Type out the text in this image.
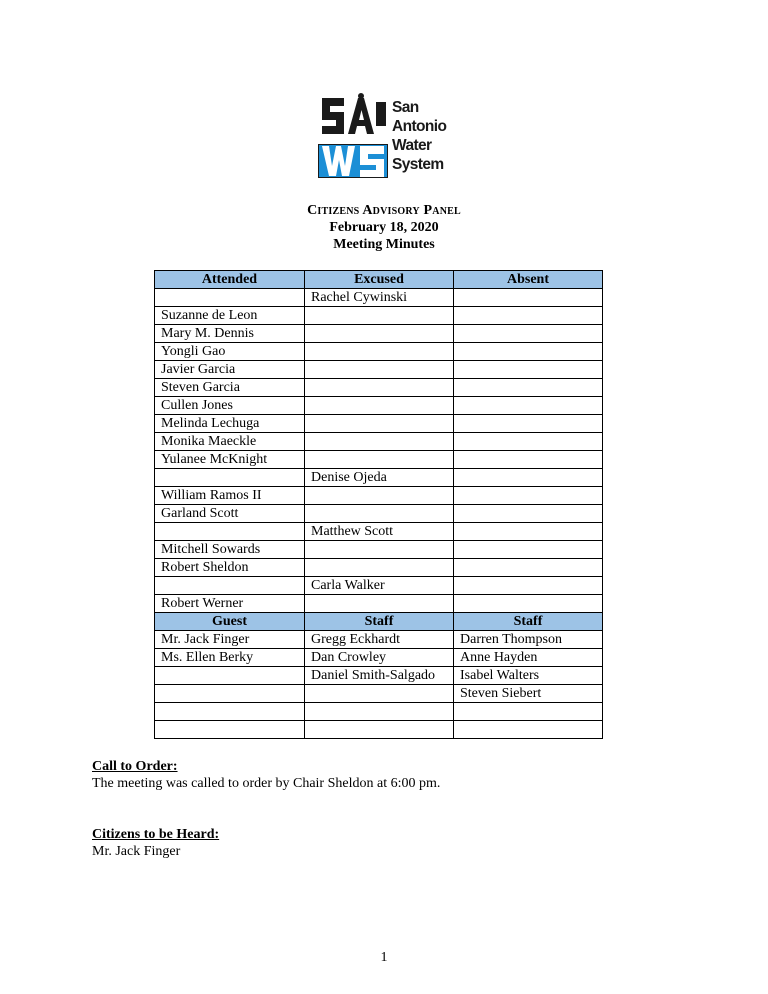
San
Antonio
Water
System
Citizens Advisory Panel
February 18, 2020
Meeting Minutes
Attended	Excused	Absent
	Rachel Cywinski	
Suzanne de Leon		
Mary M. Dennis		
Yongli Gao		
Javier Garcia		
Steven Garcia		
Cullen Jones		
Melinda Lechuga		
Monika Maeckle		
Yulanee McKnight		
	Denise Ojeda	
William Ramos II		
Garland Scott		
	Matthew Scott	
Mitchell Sowards		
Robert Sheldon		
	Carla Walker	
Robert Werner		
Guest	Staff	Staff
Mr. Jack Finger	Gregg Eckhardt	Darren Thompson
Ms. Ellen Berky	Dan Crowley	Anne Hayden
	Daniel Smith-Salgado	Isabel Walters
		Steven Siebert

Call to Order:
The meeting was called to order by Chair Sheldon at 6:00 pm.
Citizens to be Heard:
Mr. Jack Finger
1
